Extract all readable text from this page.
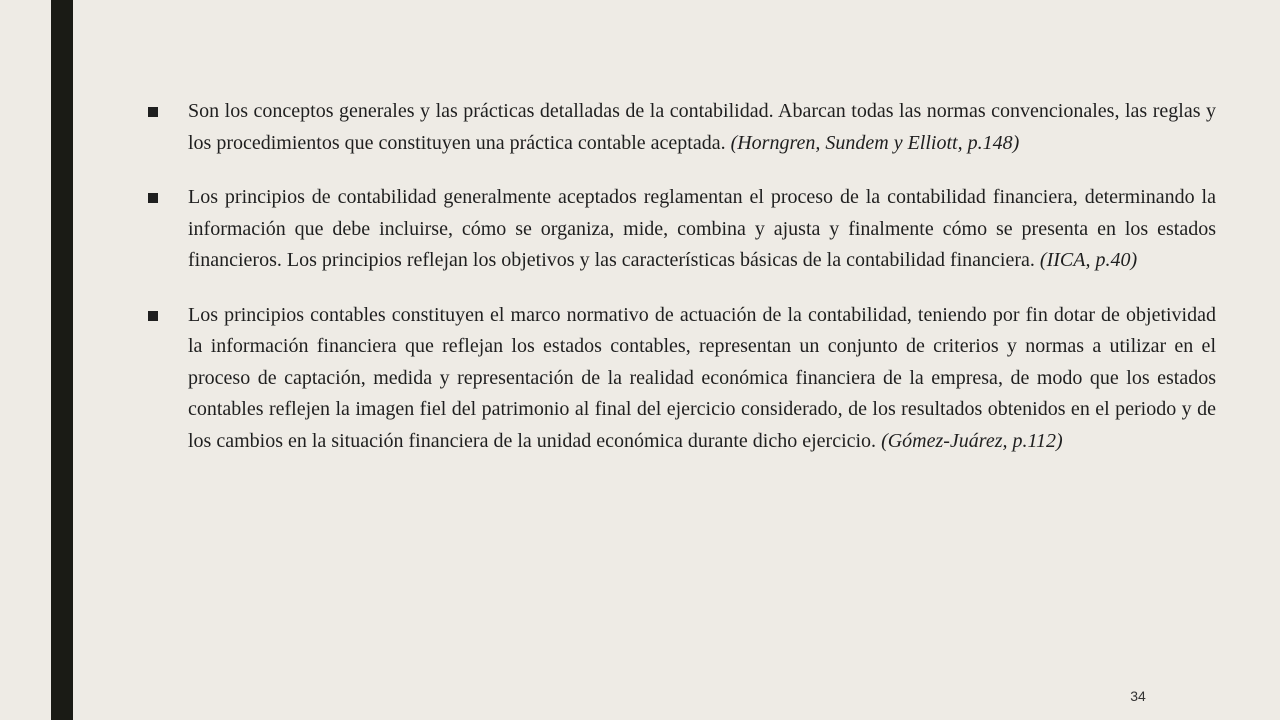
Son los conceptos generales y las prácticas detalladas de la contabilidad. Abarcan todas las normas convencionales, las reglas y los procedimientos que constituyen una práctica contable aceptada. (Horngren, Sundem y Elliott, p.148)
Los principios de contabilidad generalmente aceptados reglamentan el proceso de la contabilidad financiera, determinando la información que debe incluirse, cómo se organiza, mide, combina y ajusta y finalmente cómo se presenta en los estados financieros. Los principios reflejan los objetivos y las características básicas de la contabilidad financiera. (IICA, p.40)
Los principios contables constituyen el marco normativo de actuación de la contabilidad, teniendo por fin dotar de objetividad la información financiera que reflejan los estados contables, representan un conjunto de criterios y normas a utilizar en el proceso de captación, medida y representación de la realidad económica financiera de la empresa, de modo que los estados contables reflejen la imagen fiel del patrimonio al final del ejercicio considerado, de los resultados obtenidos en el periodo y de los cambios en la situación financiera de la unidad económica durante dicho ejercicio. (Gómez-Juárez, p.112)
34
